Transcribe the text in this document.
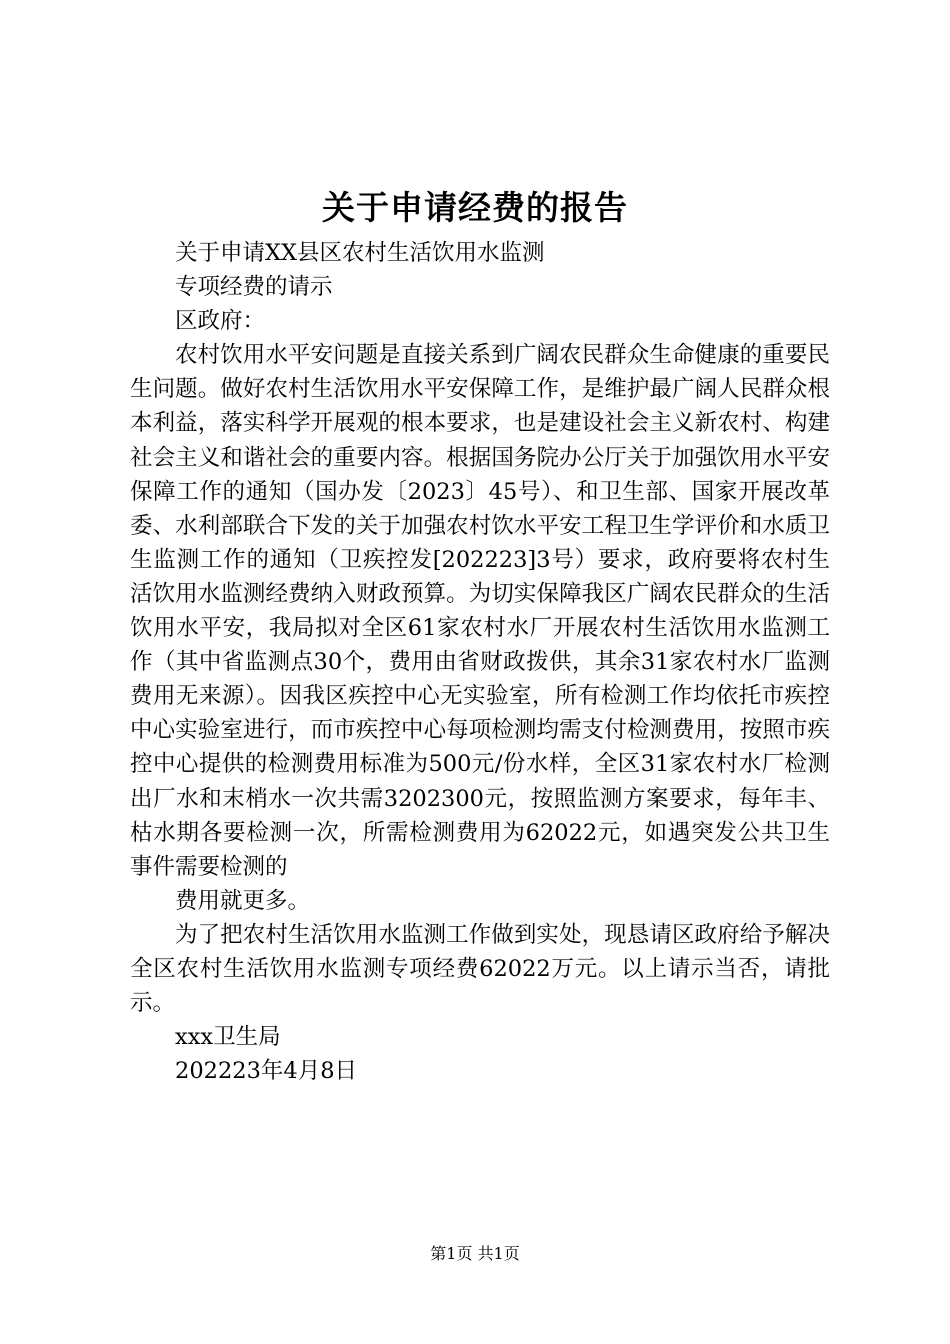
关于申请经费的报告

关于申请XX县区农村生活饮用水监测

专项经费的请示

区政府：

农村饮用水平安问题是直接关系到广阔农民群众生命健康的重要民生问题。做好农村生活饮用水平安保障工作，是维护最广阔人民群众根本利益，落实科学开展观的根本要求，也是建设社会主义新农村、构建社会主义和谐社会的重要内容。根据国务院办公厅关于加强饮用水平安保障工作的通知（国办发〔2023〕45号）、和卫生部、国家开展改革委、水利部联合下发的关于加强农村饮水平安工程卫生学评价和水质卫生监测工作的通知（卫疾控发[202223]3号）要求，政府要将农村生活饮用水监测经费纳入财政预算。为切实保障我区广阔农民群众的生活饮用水平安，我局拟对全区61家农村水厂开展农村生活饮用水监测工作（其中省监测点30个，费用由省财政拨供，其余31家农村水厂监测费用无来源）。因我区疾控中心无实验室，所有检测工作均依托市疾控中心实验室进行，而市疾控中心每项检测均需支付检测费用，按照市疾控中心提供的检测费用标准为500元/份水样，全区31家农村水厂检测出厂水和末梢水一次共需3202300元，按照监测方案要求，每年丰、枯水期各要检测一次，所需检测费用为62022元，如遇突发公共卫生事件需要检测的

费用就更多。

为了把农村生活饮用水监测工作做到实处，现恳请区政府给予解决全区农村生活饮用水监测专项经费62022万元。以上请示当否，请批示。

xxx卫生局

202223年4月8日

第1页 共1页
